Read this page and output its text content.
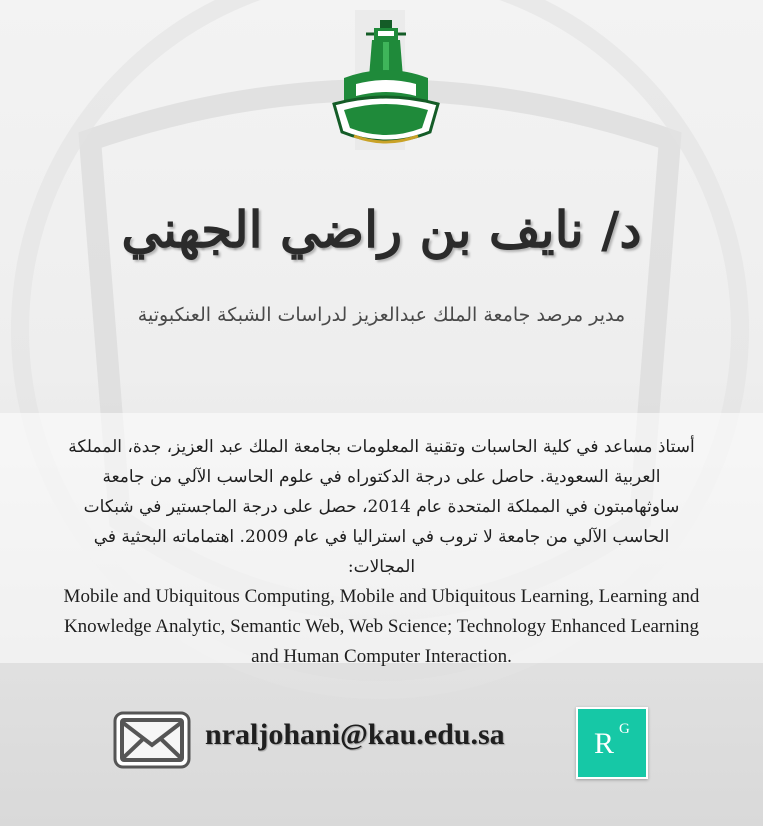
د/ نايف بن راضي الجهني
مدير مرصد جامعة الملك عبدالعزيز لدراسات الشبكة العنكبوتية

أستاذ مساعد في كلية الحاسبات وتقنية المعلومات بجامعة الملك عبد العزيز، جدة، المملكة العربية السعودية. حاصل على درجة الدكتوراه في علوم الحاسب الآلي من جامعة ساوثهامبتون في المملكة المتحدة عام 2014، حصل على درجة الماجستير في شبكات الحاسب الآلي من جامعة لا تروب في استراليا في عام 2009. اهتماماته البحثية في المجالات:

Mobile and Ubiquitous Computing, Mobile and Ubiquitous Learning, Learning and Knowledge Analytic, Semantic Web, Web Science; Technology Enhanced Learning and Human Computer Interaction.

nraljohani@kau.edu.sa	R G
